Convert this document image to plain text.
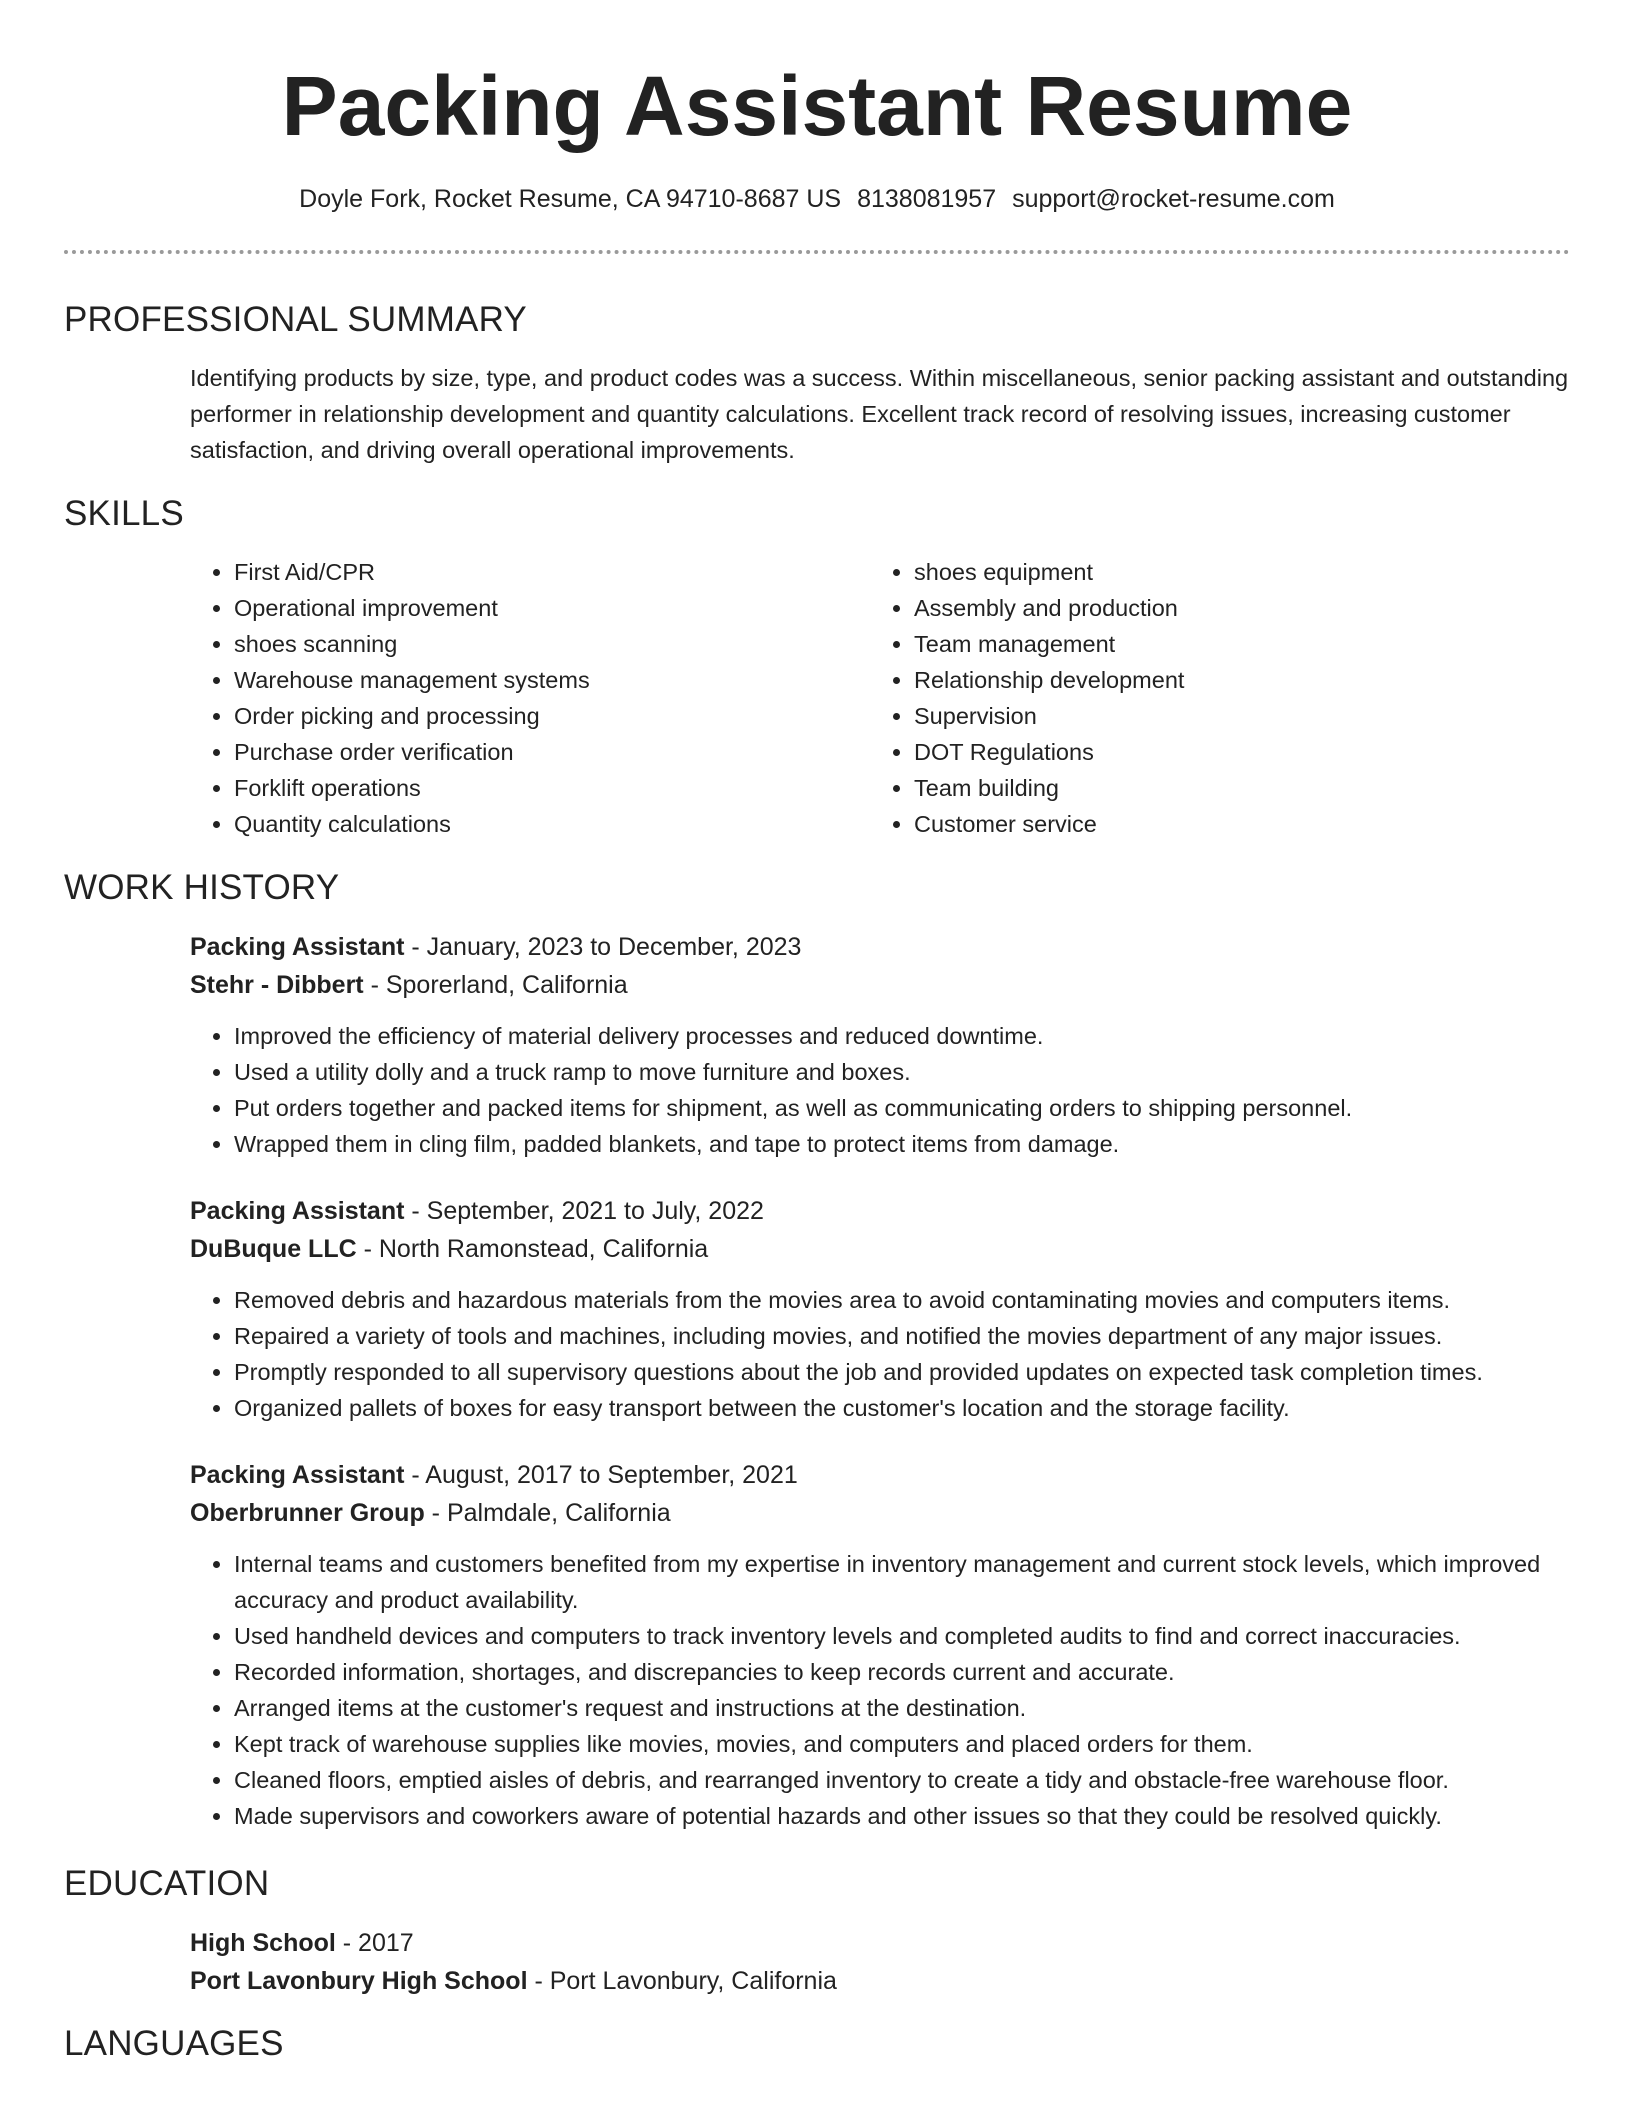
Packing Assistant Resume
Doyle Fork, Rocket Resume, CA 94710-8687 US 8138081957 support@rocket-resume.com
PROFESSIONAL SUMMARY
Identifying products by size, type, and product codes was a success. Within miscellaneous, senior packing assistant and outstanding performer in relationship development and quantity calculations. Excellent track record of resolving issues, increasing customer satisfaction, and driving overall operational improvements.
SKILLS
• First Aid/CPR
• Operational improvement
• shoes scanning
• Warehouse management systems
• Order picking and processing
• Purchase order verification
• Forklift operations
• Quantity calculations
• shoes equipment
• Assembly and production
• Team management
• Relationship development
• Supervision
• DOT Regulations
• Team building
• Customer service
WORK HISTORY
Packing Assistant - January, 2023 to December, 2023
Stehr - Dibbert - Sporerland, California
• Improved the efficiency of material delivery processes and reduced downtime.
• Used a utility dolly and a truck ramp to move furniture and boxes.
• Put orders together and packed items for shipment, as well as communicating orders to shipping personnel.
• Wrapped them in cling film, padded blankets, and tape to protect items from damage.
Packing Assistant - September, 2021 to July, 2022
DuBuque LLC - North Ramonstead, California
• Removed debris and hazardous materials from the movies area to avoid contaminating movies and computers items.
• Repaired a variety of tools and machines, including movies, and notified the movies department of any major issues.
• Promptly responded to all supervisory questions about the job and provided updates on expected task completion times.
• Organized pallets of boxes for easy transport between the customer's location and the storage facility.
Packing Assistant - August, 2017 to September, 2021
Oberbrunner Group - Palmdale, California
• Internal teams and customers benefited from my expertise in inventory management and current stock levels, which improved accuracy and product availability.
• Used handheld devices and computers to track inventory levels and completed audits to find and correct inaccuracies.
• Recorded information, shortages, and discrepancies to keep records current and accurate.
• Arranged items at the customer's request and instructions at the destination.
• Kept track of warehouse supplies like movies, movies, and computers and placed orders for them.
• Cleaned floors, emptied aisles of debris, and rearranged inventory to create a tidy and obstacle-free warehouse floor.
• Made supervisors and coworkers aware of potential hazards and other issues so that they could be resolved quickly.
EDUCATION
High School - 2017
Port Lavonbury High School - Port Lavonbury, California
LANGUAGES
